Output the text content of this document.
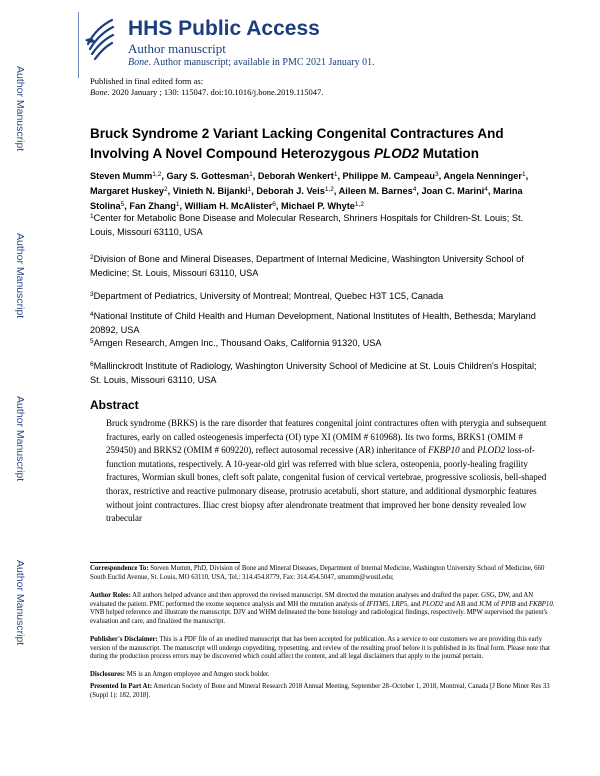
Author Manuscript
Author Manuscript
Author Manuscript
Author Manuscript
HHS Public Access
Author manuscript
Bone. Author manuscript; available in PMC 2021 January 01.
Published in final edited form as:
Bone. 2020 January ; 130: 115047. doi:10.1016/j.bone.2019.115047.
Bruck Syndrome 2 Variant Lacking Congenital Contractures And Involving A Novel Compound Heterozygous PLOD2 Mutation
Steven Mumm$^{1,2}$, Gary S. Gottesman$^1$, Deborah Wenkert$^1$, Philippe M. Campeau$^3$, Angela Nenninger$^1$, Margaret Huskey$^2$, Vinieth N. Bijanki$^1$, Deborah J. Veis$^{1,2}$, Aileen M. Barnes$^4$, Joan C. Marini$^4$, Marina Stolina$^5$, Fan Zhang$^1$, William H. McAlister$^6$, Michael P. Whyte$^{1,2}$
$^1$Center for Metabolic Bone Disease and Molecular Research, Shriners Hospitals for Children-St. Louis; St. Louis, Missouri 63110, USA
$^2$Division of Bone and Mineral Diseases, Department of Internal Medicine, Washington University School of Medicine; St. Louis, Missouri 63110, USA
$^3$Department of Pediatrics, University of Montreal; Montreal, Quebec H3T 1C5, Canada
$^4$National Institute of Child Health and Human Development, National Institutes of Health, Bethesda; Maryland 20892, USA
$^5$Amgen Research, Amgen Inc., Thousand Oaks, California 91320, USA
$^6$Mallinckrodt Institute of Radiology, Washington University School of Medicine at St. Louis Children's Hospital; St. Louis, Missouri 63110, USA
Abstract
Bruck syndrome (BRKS) is the rare disorder that features congenital joint contractures often with pterygia and subsequent fractures, early on called osteogenesis imperfecta (OI) type XI (OMIM # 610968). Its two forms, BRKS1 (OMIM # 259450) and BRKS2 (OMIM # 609220), reflect autosomal recessive (AR) inheritance of FKBP10 and PLOD2 loss-of-function mutations, respectively. A 10-year-old girl was referred with blue sclera, osteopenia, poorly-healing fragility fractures, Wormian skull bones, cleft soft palate, congenital fusion of cervical vertebrae, progressive scoliosis, bell-shaped thorax, restrictive and reactive pulmonary disease, protrusio acetabuli, short stature, and additional dysmorphic features without joint contractures. Iliac crest biopsy after alendronate treatment that improved her bone density revealed low trabecular
Correspondence To: Steven Mumm, PhD, Division of Bone and Mineral Diseases, Department of Internal Medicine, Washington University School of Medicine, 660 South Euclid Avenue, St. Louis, MO 63110, USA, Tel.: 314.454.8779, Fax: 314.454.5047, smumm@wustl.edu;
Author Roles: All authors helped advance and then approved the revised manuscript. SM directed the mutation analyses and drafted the paper. GSG, DW, and AN evaluated the patient. PMC performed the exome sequence analysis and MH the mutation analysis of IFITM5, LRP5, and PLOD2 and AB and JCM of PPIB and FKBP10. VNB helped reference and illustrate the manuscript. DJV and WHM delineated the bone histology and radiological findings, respectively. MPW supervised the patient's evaluation and care, and finalized the manuscript.
Publisher's Disclaimer: This is a PDF file of an unedited manuscript that has been accepted for publication. As a service to our customers we are providing this early version of the manuscript. The manuscript will undergo copyediting, typesetting, and review of the resulting proof before it is published in its final form. Please note that during the production process errors may be discovered which could affect the content, and all legal disclaimers that apply to the journal pertain.
Disclosures: MS is an Amgen employee and Amgen stock holder.
Presented In Part At: American Society of Bone and Mineral Research 2018 Annual Meeting, September 28–October 1, 2018, Montreal, Canada [J Bone Miner Res 33 (Suppl 1): 182, 2018].
